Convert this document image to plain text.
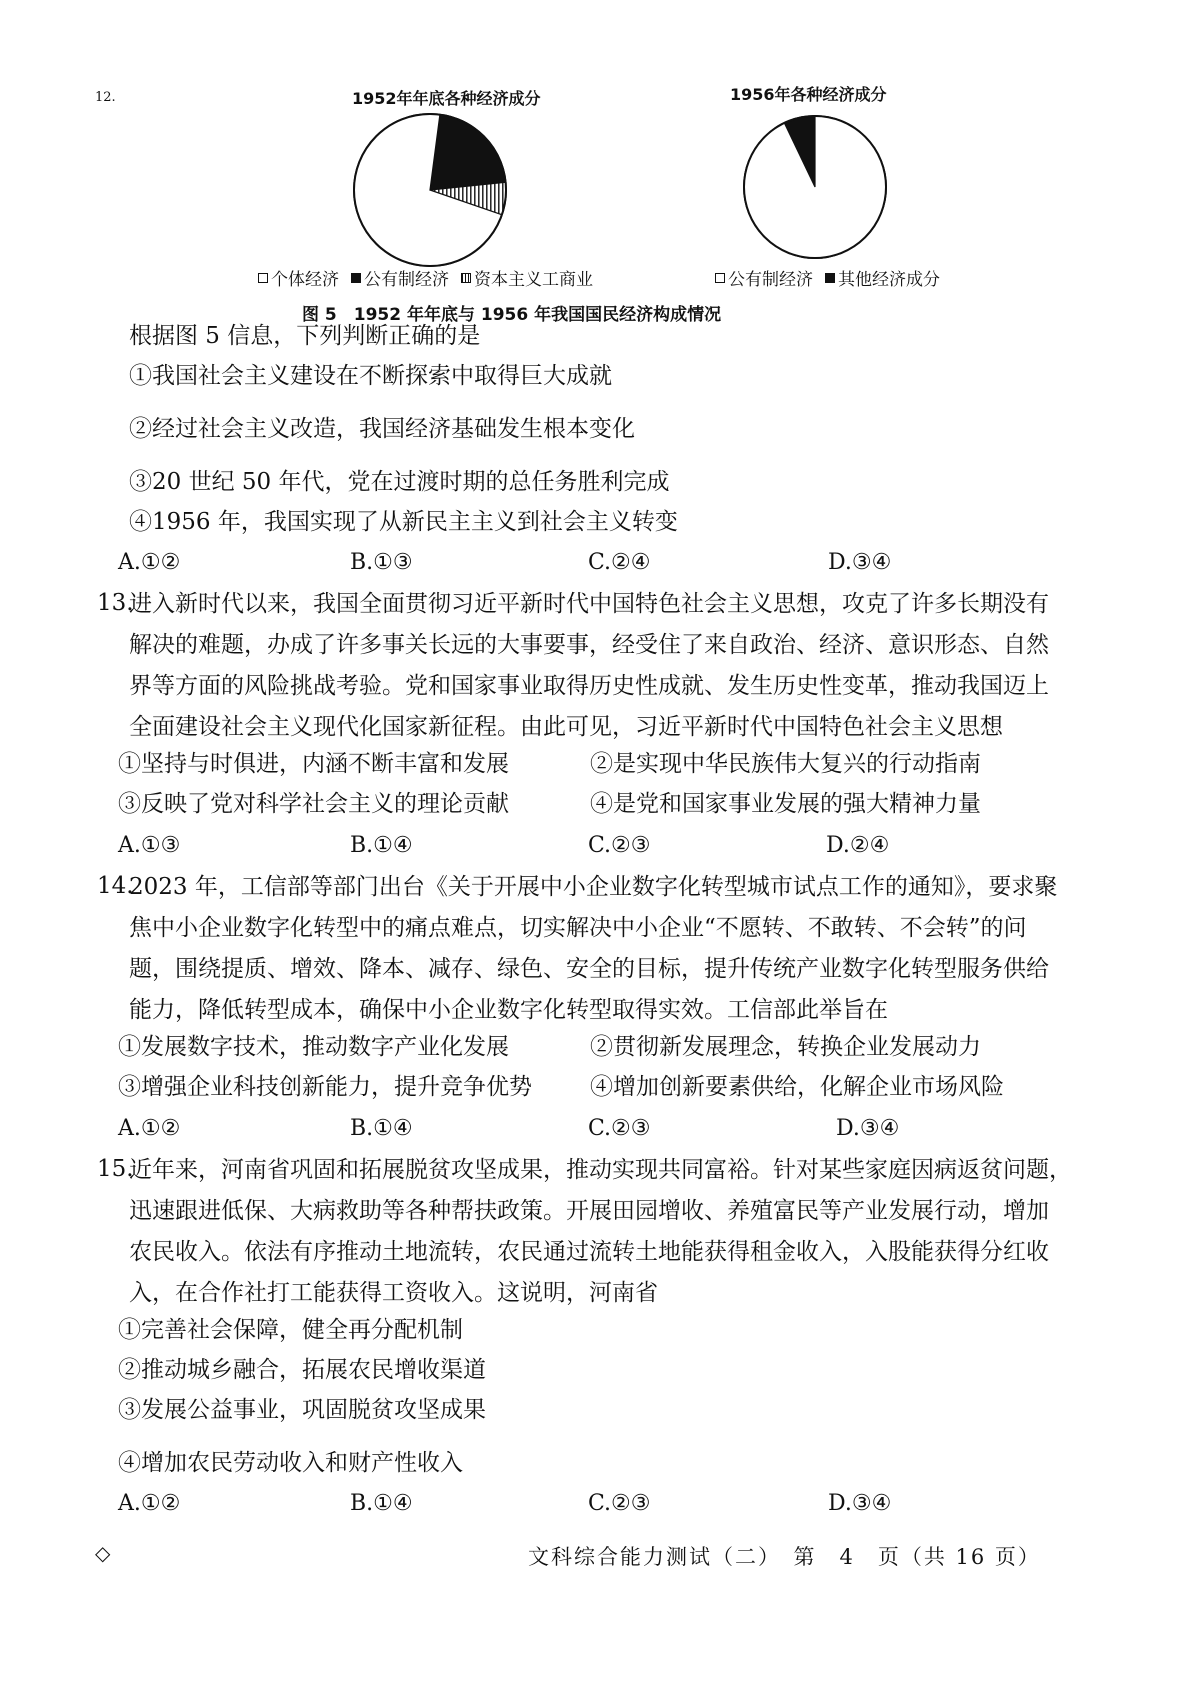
12.	1952年年底各种经济成分
个体经济 公有制经济 资本主义工商业
1956年各种经济成分
公有制经济 其他经济成分
图 5　1952 年年底与 1956 年我国国民经济构成情况
根据图 5 信息，下列判断正确的是
①我国社会主义建设在不断探索中取得巨大成就
②经过社会主义改造，我国经济基础发生根本变化
③20 世纪 50 年代，党在过渡时期的总任务胜利完成
④1956 年，我国实现了从新民主主义到社会主义转变
A.①②	B.①③	C.②④	D.③④
13.
进入新时代以来，我国全面贯彻习近平新时代中国特色社会主义思想，攻克了许多长期没有
解决的难题，办成了许多事关长远的大事要事，经受住了来自政治、经济、意识形态、自然
界等方面的风险挑战考验。党和国家事业取得历史性成就、发生历史性变革，推动我国迈上
全面建设社会主义现代化国家新征程。由此可见，习近平新时代中国特色社会主义思想
①坚持与时俱进，内涵不断丰富和发展	②是实现中华民族伟大复兴的行动指南
③反映了党对科学社会主义的理论贡献	④是党和国家事业发展的强大精神力量
A.①③	B.①④	C.②③	D.②④
14.
2023 年，工信部等部门出台《关于开展中小企业数字化转型城市试点工作的通知》，要求聚
焦中小企业数字化转型中的痛点难点，切实解决中小企业“不愿转、不敢转、不会转”的问
题，围绕提质、增效、降本、减存、绿色、安全的目标，提升传统产业数字化转型服务供给
能力，降低转型成本，确保中小企业数字化转型取得实效。工信部此举旨在
①发展数字技术，推动数字产业化发展	②贯彻新发展理念，转换企业发展动力
③增强企业科技创新能力，提升竞争优势	④增加创新要素供给，化解企业市场风险
A.①②	B.①④	C.②③	D.③④
15.
近年来，河南省巩固和拓展脱贫攻坚成果，推动实现共同富裕。针对某些家庭因病返贫问题，
迅速跟进低保、大病救助等各种帮扶政策。开展田园增收、养殖富民等产业发展行动，增加
农民收入。依法有序推动土地流转，农民通过流转土地能获得租金收入，入股能获得分红收
入，在合作社打工能获得工资收入。这说明，河南省
①完善社会保障，健全再分配机制
②推动城乡融合，拓展农民增收渠道
③发展公益事业，巩固脱贫攻坚成果
④增加农民劳动收入和财产性收入
A.①②	B.①④	C.②③	D.③④
◇	文科综合能力测试（二）　第　4　页（共 16 页）
